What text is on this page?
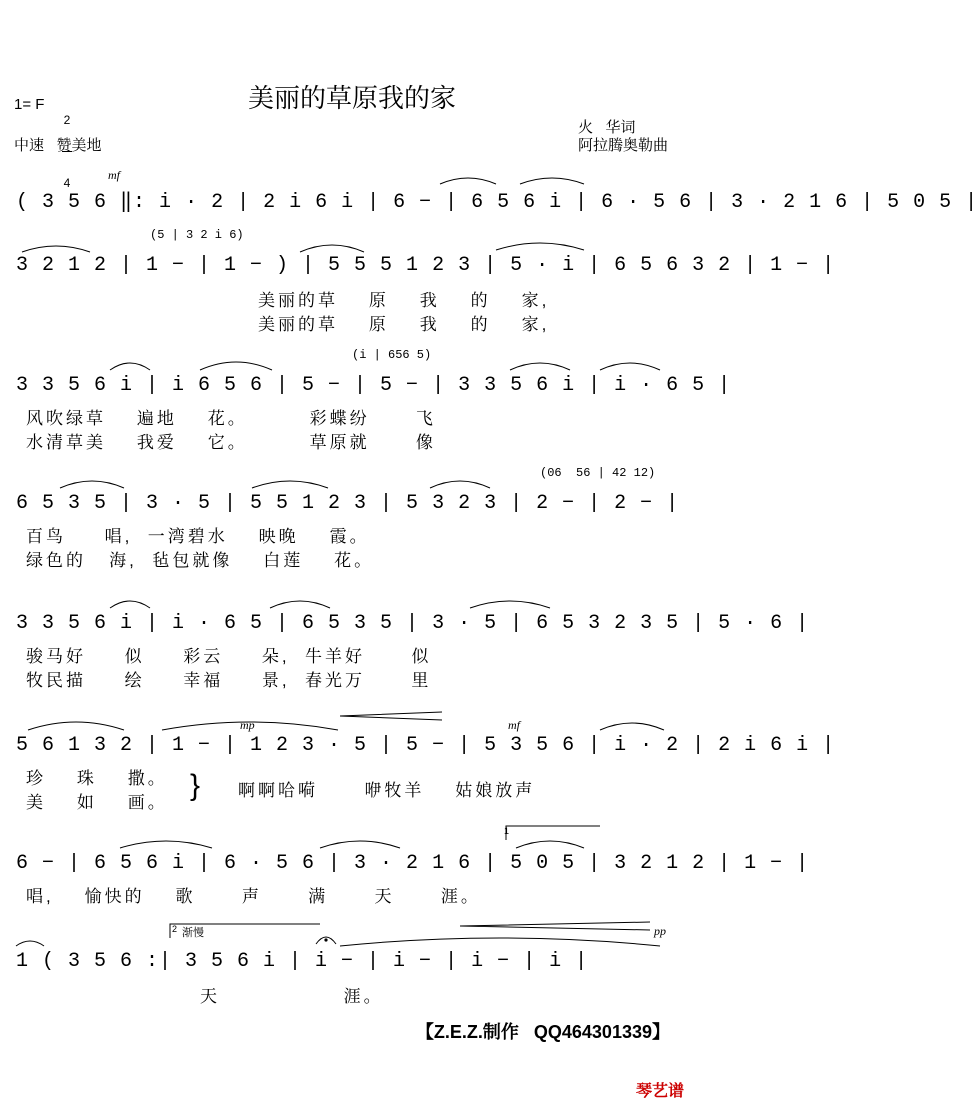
美丽的草原我的家
1= F

2

4

中速   赞美地
火   华词
阿拉腾奥勒曲
mf
(5 | 3 2 i 6)
(i | 656 5)
(06  56 | 42 12)
mp	mf
pp
渐慢
2
1
( 3 5 6 ‖: i · 2 | 2 i 6 i | 6 − | 6 5 6 i | 6 · 5 6 | 3 · 2 1 6 | 5 0 5 |
3 2 1 2 | 1 − | 1 − ) | 5 5 5 1 2 3 | 5 · i | 6 5 6 3 2 | 1 − |
美丽的草    原    我    的    家,
美丽的草    原    我    的    家,
3 3 5 6 i | i 6 5 6 | 5 − | 5 − | 3 3 5 6 i | i · 6 5 |
风吹绿草    遍地    花。        彩蝶纷      飞
水清草美    我爱    它。        草原就      像
6 5 3 5 | 3 · 5 | 5 5 1 2 3 | 5 3 2 3 | 2 − | 2 − |
百鸟     唱,  一湾碧水    映晚    霞。
绿色的   海,  毡包就像    白莲    花。
3 3 5 6 i | i · 6 5 | 6 5 3 5 | 3 · 5 | 6 5 3 2 3 5 | 5 · 6 |
骏马好     似     彩云     朵,  牛羊好      似
牧民描     绘     幸福     景,  春光万      里
5 6 1 3 2 | 1 − | 1 2 3 · 5 | 5 − | 5 3 5 6 | i · 2 | 2 i 6 i |
珍    珠    撒。
美    如    画。
} 啊啊哈嗬      咿牧羊    姑娘放声
6 − | 6 5 6 i | 6 · 5 6 | 3 · 2 1 6 | 5 0 5 | 3 2 1 2 | 1 − |
唱,    愉快的    歌      声      满      天      涯。
1 ( 3 5 6 :| 3 5 6 i | i − | i − | i − | i |
天                涯。
【Z.E.Z.制作   QQ464301339】
琴艺谱
